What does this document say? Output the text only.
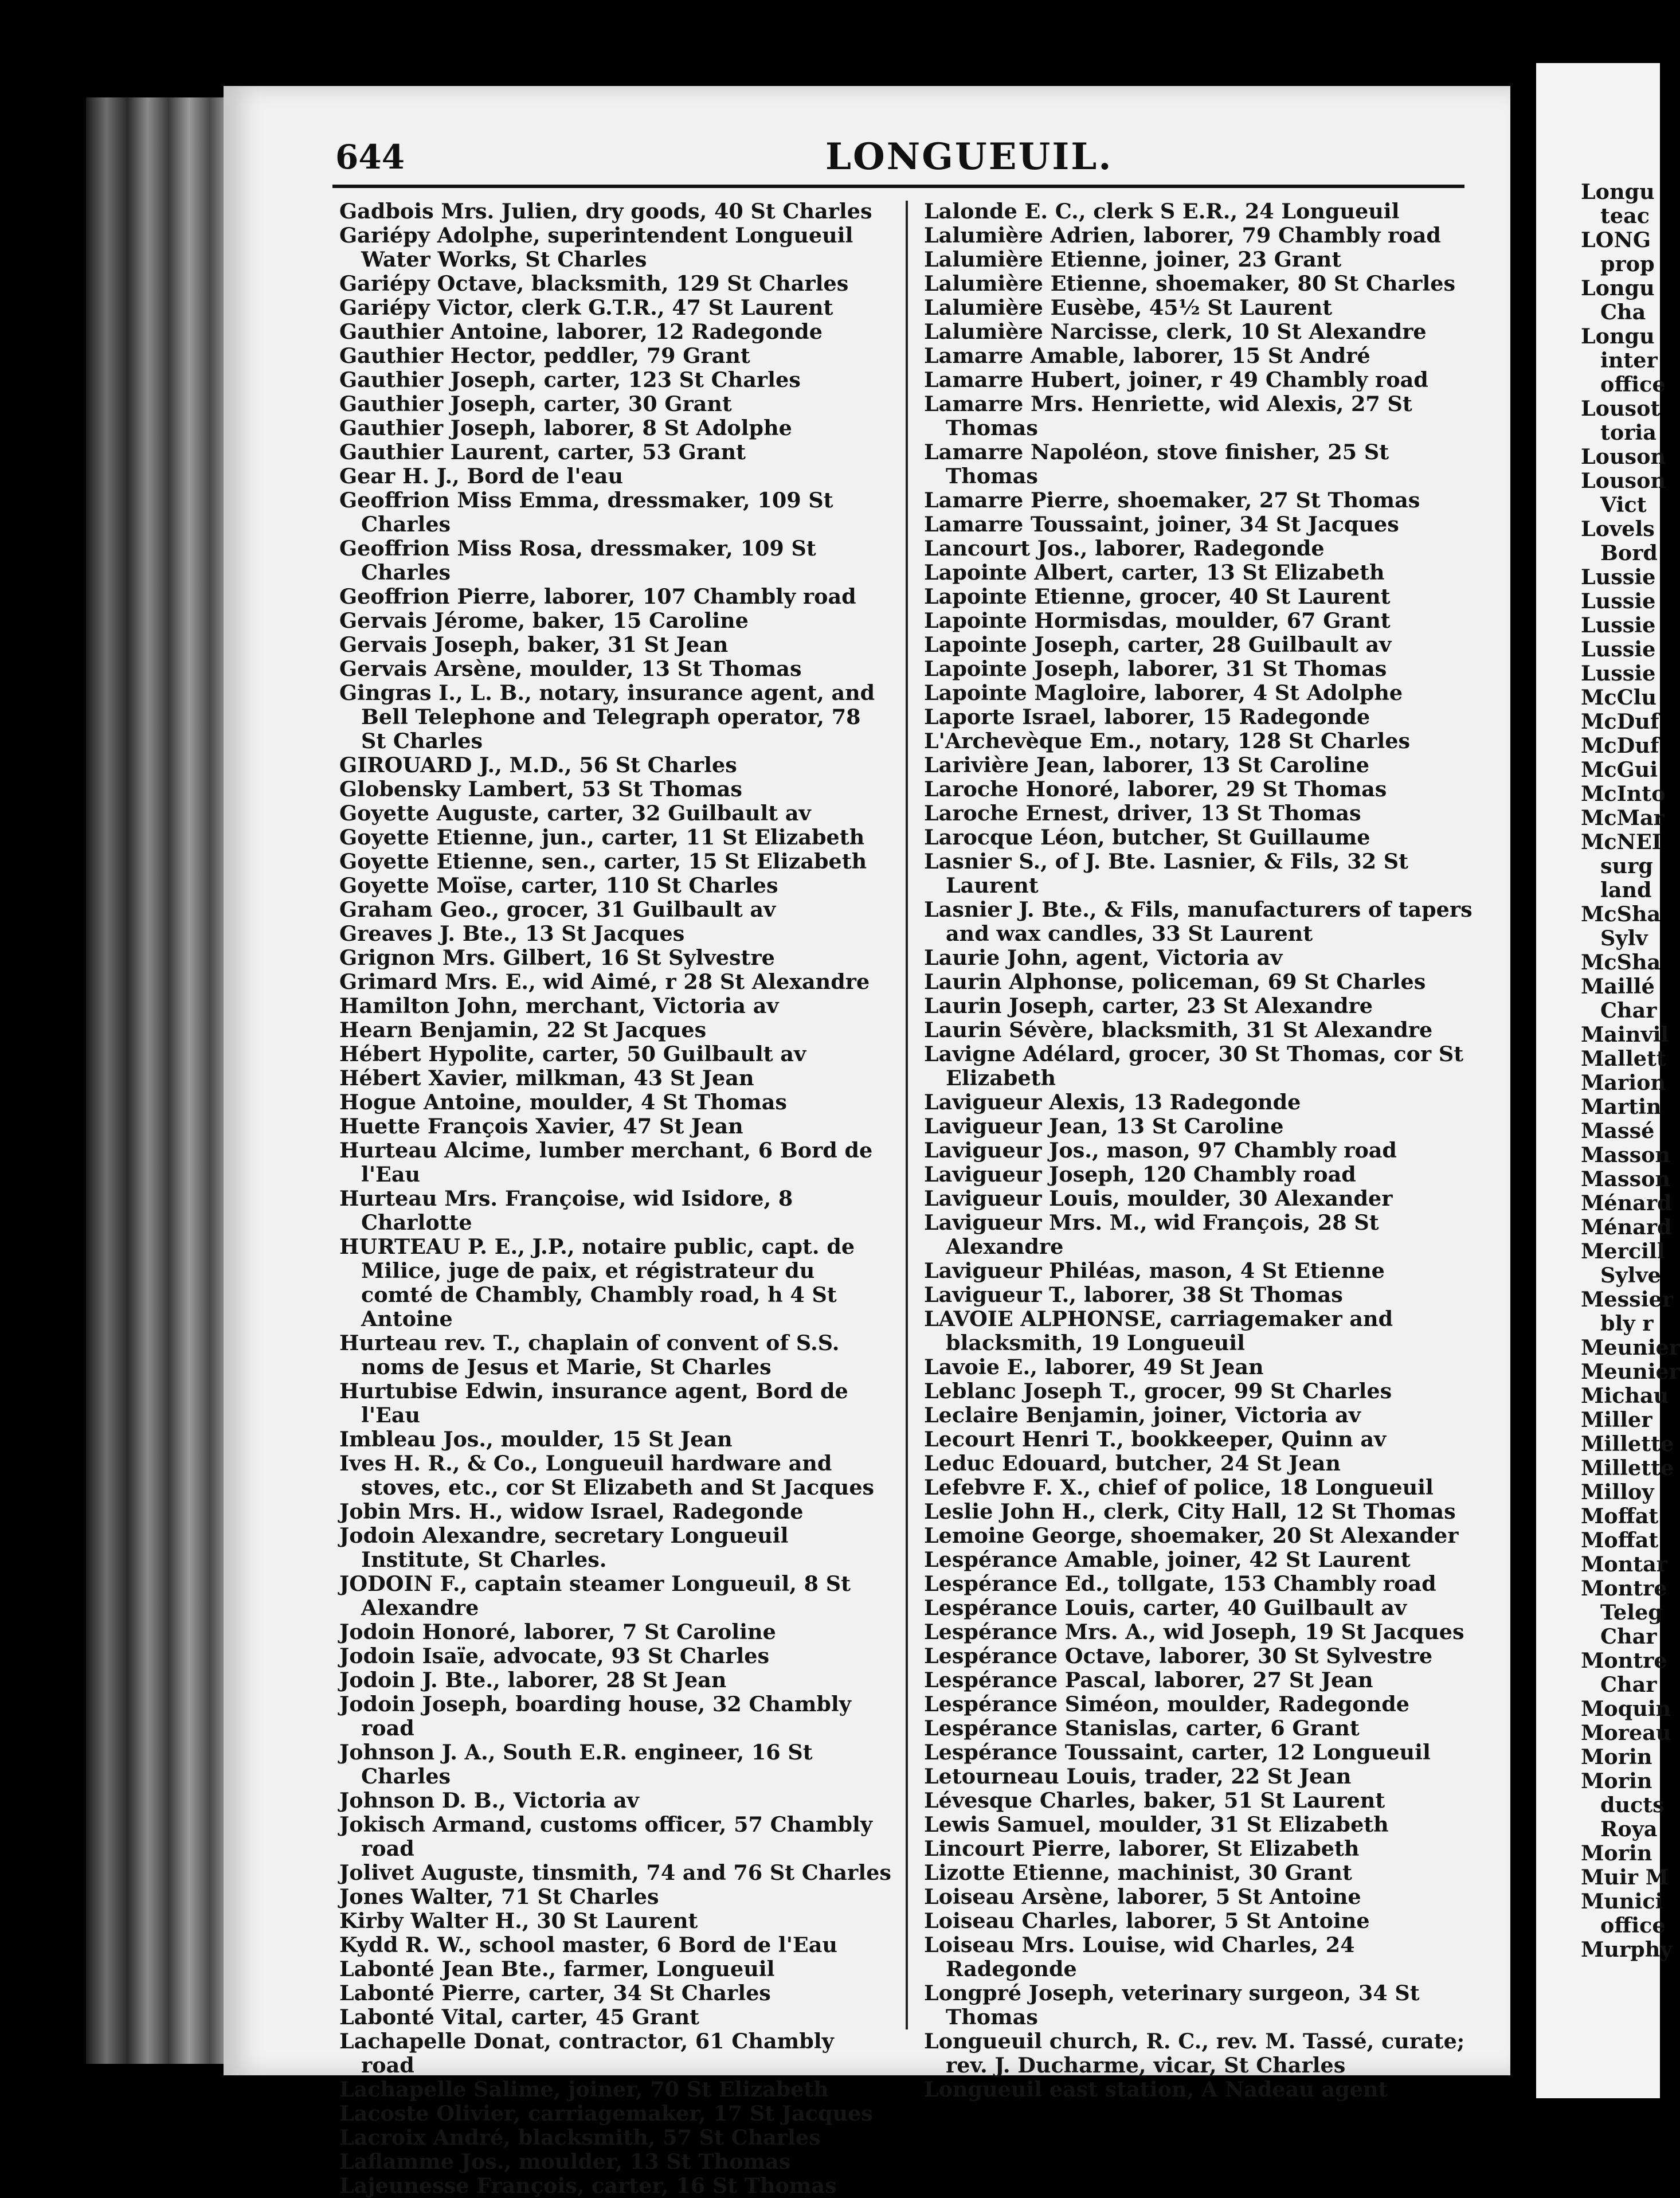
644	LONGUEUIL.
Gadbois Mrs. Julien, dry goods, 40 St Charles
Gariépy Adolphe, superintendent Longueuil Water Works, St Charles
Gariépy Octave, blacksmith, 129 St Charles
Gariépy Victor, clerk G.T.R., 47 St Laurent
Gauthier Antoine, laborer, 12 Radegonde
Gauthier Hector, peddler, 79 Grant
Gauthier Joseph, carter, 123 St Charles
Gauthier Joseph, carter, 30 Grant
Gauthier Joseph, laborer, 8 St Adolphe
Gauthier Laurent, carter, 53 Grant
Gear H. J., Bord de l'eau
Geoffrion Miss Emma, dressmaker, 109 St Charles
Geoffrion Miss Rosa, dressmaker, 109 St Charles
Geoffrion Pierre, laborer, 107 Chambly road
Gervais Jérome, baker, 15 Caroline
Gervais Joseph, baker, 31 St Jean
Gervais Arsène, moulder, 13 St Thomas
Gingras I., L. B., notary, insurance agent, and Bell Telephone and Telegraph operator, 78 St Charles
GIROUARD J., M.D., 56 St Charles
Globensky Lambert, 53 St Thomas
Goyette Auguste, carter, 32 Guilbault av
Goyette Etienne, jun., carter, 11 St Elizabeth
Goyette Etienne, sen., carter, 15 St Elizabeth
Goyette Moïse, carter, 110 St Charles
Graham Geo., grocer, 31 Guilbault av
Greaves J. Bte., 13 St Jacques
Grignon Mrs. Gilbert, 16 St Sylvestre
Grimard Mrs. E., wid Aimé, r 28 St Alexandre
Hamilton John, merchant, Victoria av
Hearn Benjamin, 22 St Jacques
Hébert Hypolite, carter, 50 Guilbault av
Hébert Xavier, milkman, 43 St Jean
Hogue Antoine, moulder, 4 St Thomas
Huette François Xavier, 47 St Jean
Hurteau Alcime, lumber merchant, 6 Bord de l'Eau
Hurteau Mrs. Françoise, wid Isidore, 8 Charlotte
HURTEAU P. E., J.P., notaire public, capt. de Milice, juge de paix, et régistrateur du comté de Chambly, Chambly road, h 4 St Antoine
Hurteau rev. T., chaplain of convent of S.S. noms de Jesus et Marie, St Charles
Hurtubise Edwin, insurance agent, Bord de l'Eau
Imbleau Jos., moulder, 15 St Jean
Ives H. R., & Co., Longueuil hardware and stoves, etc., cor St Elizabeth and St Jacques
Jobin Mrs. H., widow Israel, Radegonde
Jodoin Alexandre, secretary Longueuil Institute, St Charles.
JODOIN F., captain steamer Longueuil, 8 St Alexandre
Jodoin Honoré, laborer, 7 St Caroline
Jodoin Isaïe, advocate, 93 St Charles
Jodoin J. Bte., laborer, 28 St Jean
Jodoin Joseph, boarding house, 32 Chambly road
Johnson J. A., South E.R. engineer, 16 St Charles
Johnson D. B., Victoria av
Jokisch Armand, customs officer, 57 Chambly road
Jolivet Auguste, tinsmith, 74 and 76 St Charles
Jones Walter, 71 St Charles
Kirby Walter H., 30 St Laurent
Kydd R. W., school master, 6 Bord de l'Eau
Labonté Jean Bte., farmer, Longueuil
Labonté Pierre, carter, 34 St Charles
Labonté Vital, carter, 45 Grant
Lachapelle Donat, contractor, 61 Chambly road
Lachapelle Salime, joiner, 70 St Elizabeth
Lacoste Olivier, carriagemaker, 17 St Jacques
Lacroix André, blacksmith, 57 St Charles
Laflamme Jos., moulder, 13 St Thomas
Lajeunesse François, carter, 16 St Thomas
Lalonde E. C., clerk S E.R., 24 Longueuil
Lalumière Adrien, laborer, 79 Chambly road
Lalumière Etienne, joiner, 23 Grant
Lalumière Etienne, shoemaker, 80 St Charles
Lalumière Eusèbe, 45½ St Laurent
Lalumière Narcisse, clerk, 10 St Alexandre
Lamarre Amable, laborer, 15 St André
Lamarre Hubert, joiner, r 49 Chambly road
Lamarre Mrs. Henriette, wid Alexis, 27 St Thomas
Lamarre Napoléon, stove finisher, 25 St Thomas
Lamarre Pierre, shoemaker, 27 St Thomas
Lamarre Toussaint, joiner, 34 St Jacques
Lancourt Jos., laborer, Radegonde
Lapointe Albert, carter, 13 St Elizabeth
Lapointe Etienne, grocer, 40 St Laurent
Lapointe Hormisdas, moulder, 67 Grant
Lapointe Joseph, carter, 28 Guilbault av
Lapointe Joseph, laborer, 31 St Thomas
Lapointe Magloire, laborer, 4 St Adolphe
Laporte Israel, laborer, 15 Radegonde
L'Archevèque Em., notary, 128 St Charles
Larivière Jean, laborer, 13 St Caroline
Laroche Honoré, laborer, 29 St Thomas
Laroche Ernest, driver, 13 St Thomas
Larocque Léon, butcher, St Guillaume
Lasnier S., of J. Bte. Lasnier, & Fils, 32 St Laurent
Lasnier J. Bte., & Fils, manufacturers of tapers and wax candles, 33 St Laurent
Laurie John, agent, Victoria av
Laurin Alphonse, policeman, 69 St Charles
Laurin Joseph, carter, 23 St Alexandre
Laurin Sévère, blacksmith, 31 St Alexandre
Lavigne Adélard, grocer, 30 St Thomas, cor St Elizabeth
Lavigueur Alexis, 13 Radegonde
Lavigueur Jean, 13 St Caroline
Lavigueur Jos., mason, 97 Chambly road
Lavigueur Joseph, 120 Chambly road
Lavigueur Louis, moulder, 30 Alexander
Lavigueur Mrs. M., wid François, 28 St Alexandre
Lavigueur Philéas, mason, 4 St Etienne
Lavigueur T., laborer, 38 St Thomas
LAVOIE ALPHONSE, carriagemaker and blacksmith, 19 Longueuil
Lavoie E., laborer, 49 St Jean
Leblanc Joseph T., grocer, 99 St Charles
Leclaire Benjamin, joiner, Victoria av
Lecourt Henri T., bookkeeper, Quinn av
Leduc Edouard, butcher, 24 St Jean
Lefebvre F. X., chief of police, 18 Longueuil
Leslie John H., clerk, City Hall, 12 St Thomas
Lemoine George, shoemaker, 20 St Alexander
Lespérance Amable, joiner, 42 St Laurent
Lespérance Ed., tollgate, 153 Chambly road
Lespérance Louis, carter, 40 Guilbault av
Lespérance Mrs. A., wid Joseph, 19 St Jacques
Lespérance Octave, laborer, 30 St Sylvestre
Lespérance Pascal, laborer, 27 St Jean
Lespérance Siméon, moulder, Radegonde
Lespérance Stanislas, carter, 6 Grant
Lespérance Toussaint, carter, 12 Longueuil
Letourneau Louis, trader, 22 St Jean
Lévesque Charles, baker, 51 St Laurent
Lewis Samuel, moulder, 31 St Elizabeth
Lincourt Pierre, laborer, St Elizabeth
Lizotte Etienne, machinist, 30 Grant
Loiseau Arsène, laborer, 5 St Antoine
Loiseau Charles, laborer, 5 St Antoine
Loiseau Mrs. Louise, wid Charles, 24 Radegonde
Longpré Joseph, veterinary surgeon, 34 St Thomas
Longueuil church, R. C., rev. M. Tassé, curate; rev. J. Ducharme, vicar, St Charles
Longueuil east station, A Nadeau agent
Longu
teac
LONG
prop
Longu
Cha
Longu
inter
office
Lousot
toria
Louson
Louson
Vict
Lovels
Bord
Lussie
Lussie
Lussie
Lussie
Lussie
McClu
McDuf
McDuf
McGui
McInto
McMar
McNEI
surg
land
McSha
Sylv
McSha
Maillé
Char
Mainvil
Mallett
Marion
Martin
Massé
Masson
Masson
Ménard
Ménard
Mercill
Sylve
Messier
bly r
Meunier
Meunier
Michau
Miller
Millette
Millette
Milloy
Moffat
Moffat
Montar
Montre
Teleg
Char
Montre
Char
Moquin
Moreau
Morin
Morin
ducts
Roya
Morin
Muir M
Munici
office
Murphy
